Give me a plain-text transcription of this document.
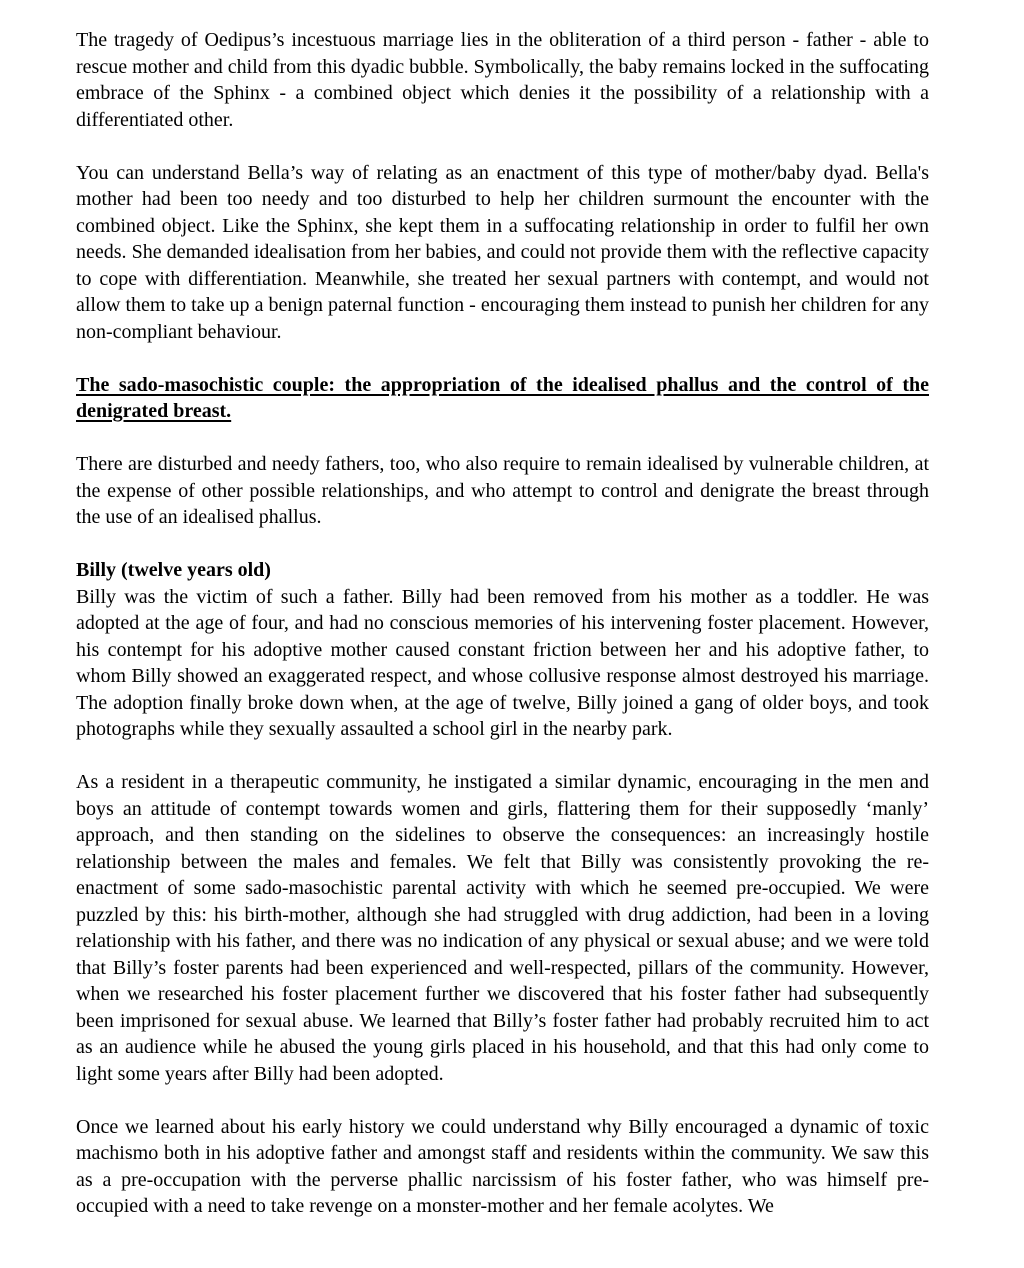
The tragedy of Oedipus’s incestuous marriage lies in the obliteration of a third person - father - able to rescue mother and child from this dyadic bubble. Symbolically, the baby remains locked in the suffocating embrace of the Sphinx - a combined object which denies it the possibility of a relationship with a differentiated other.

You can understand Bella’s way of relating as an enactment of this type of mother/baby dyad. Bella's mother had been too needy and too disturbed to help her children surmount the encounter with the combined object. Like the Sphinx, she kept them in a suffocating relationship in order to fulfil her own needs. She demanded idealisation from her babies, and could not provide them with the reflective capacity to cope with differentiation. Meanwhile, she treated her sexual partners with contempt, and would not allow them to take up a benign paternal function - encouraging them instead to punish her children for any non-compliant behaviour.

The sado-masochistic couple: the appropriation of the idealised phallus and the control of the denigrated breast.

There are disturbed and needy fathers, too, who also require to remain idealised by vulnerable children, at the expense of other possible relationships, and who attempt to control and denigrate the breast through the use of an idealised phallus.

Billy (twelve years old)

Billy was the victim of such a father. Billy had been removed from his mother as a toddler. He was adopted at the age of four, and had no conscious memories of his intervening foster placement. However, his contempt for his adoptive mother caused constant friction between her and his adoptive father, to whom Billy showed an exaggerated respect, and whose collusive response almost destroyed his marriage. The adoption finally broke down when, at the age of twelve, Billy joined a gang of older boys, and took photographs while they sexually assaulted a school girl in the nearby park.

As a resident in a therapeutic community, he instigated a similar dynamic, encouraging in the men and boys an attitude of contempt towards women and girls, flattering them for their supposedly ‘manly’ approach, and then standing on the sidelines to observe the consequences: an increasingly hostile relationship between the males and females. We felt that Billy was consistently provoking the re-enactment of some sado-masochistic parental activity with which he seemed pre-occupied. We were puzzled by this: his birth-mother, although she had struggled with drug addiction, had been in a loving relationship with his father, and there was no indication of any physical or sexual abuse; and we were told that Billy’s foster parents had been experienced and well-respected, pillars of the community. However, when we researched his foster placement further we discovered that his foster father had subsequently been imprisoned for sexual abuse. We learned that Billy’s foster father had probably recruited him to act as an audience while he abused the young girls placed in his household, and that this had only come to light some years after Billy had been adopted.

Once we learned about his early history we could understand why Billy encouraged a dynamic of toxic machismo both in his adoptive father and amongst staff and residents within the community. We saw this as a pre-occupation with the perverse phallic narcissism of his foster father, who was himself pre-occupied with a need to take revenge on a monster-mother and her female acolytes. We
